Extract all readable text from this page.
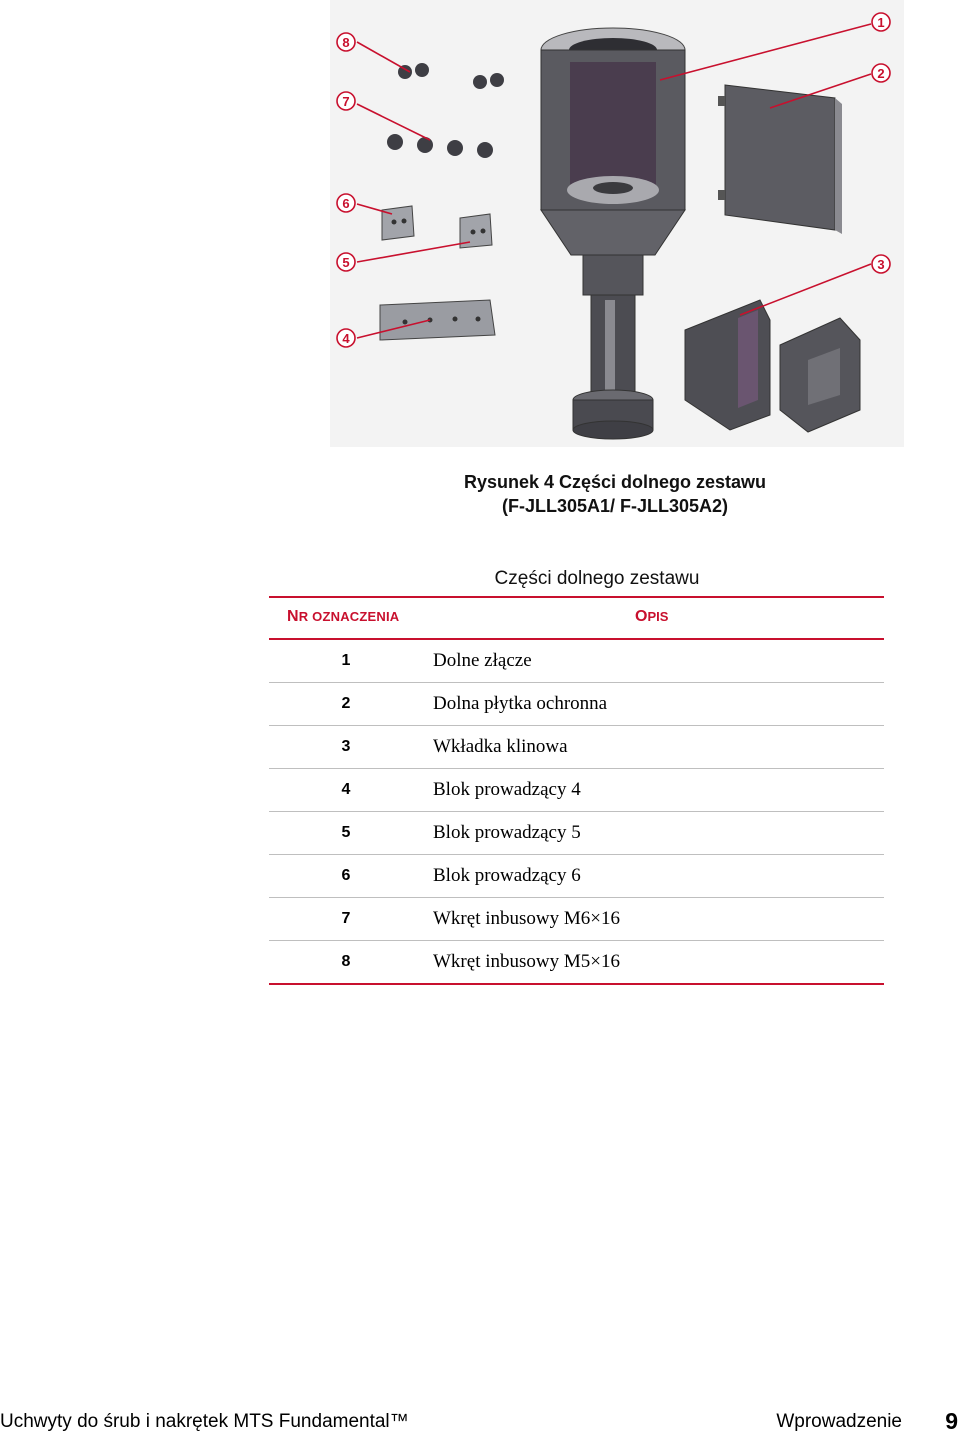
1
2
3
4
5
6
7
8
Rysunek 4 Części dolnego zestawu
(F-JLL305A1/ F-JLL305A2)
Części dolnego zestawu
NR OZNACZENIA	OPIS
1	Dolne złącze
2	Dolna płytka ochronna
3	Wkładka klinowa
4	Blok prowadzący 4
5	Blok prowadzący 5
6	Blok prowadzący 6
7	Wkręt inbusowy M6×16
8	Wkręt inbusowy M5×16
Uchwyty do śrub i nakrętek MTS Fundamental™	Wprowadzenie 9
